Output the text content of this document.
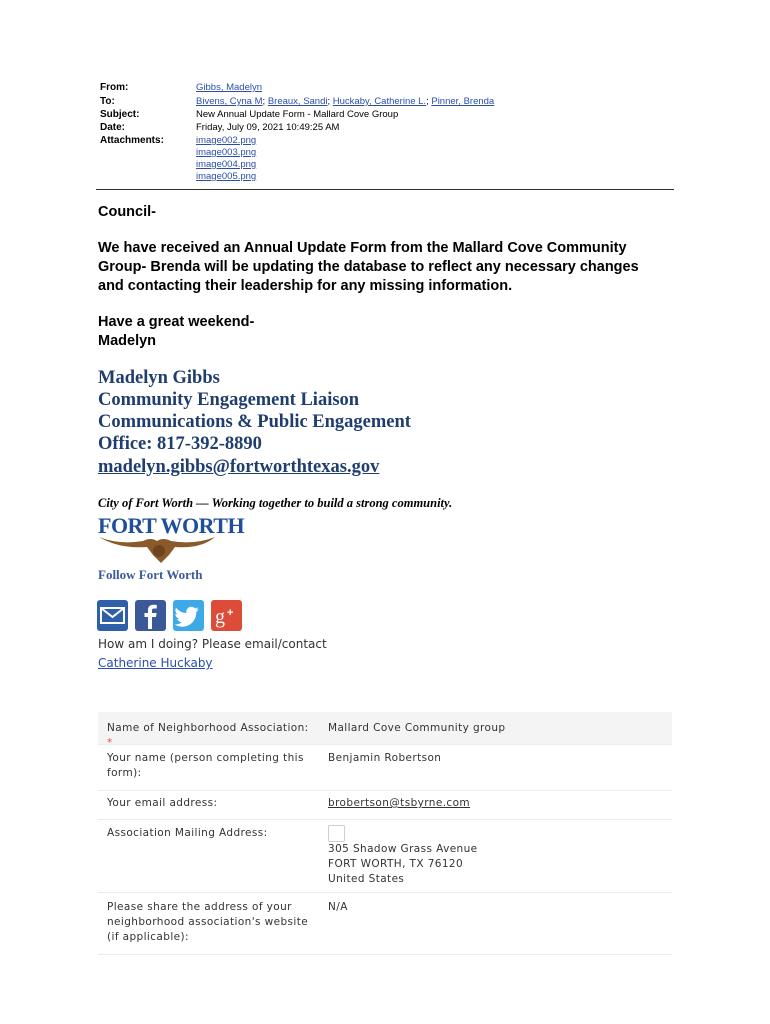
From:
To:
Subject:
Date:
Attachments:
Gibbs, Madelyn
Bivens, Cyna M; Breaux, Sandi; Huckaby, Catherine L.; Pinner, Brenda
New Annual Update Form - Mallard Cove Group
Friday, July 09, 2021 10:49:25 AM
image002.png
image003.png
image004.png
image005.png
Council-
We have received an Annual Update Form from the Mallard Cove Community
Group- Brenda will be updating the database to reflect any necessary changes
and contacting their leadership for any missing information.
Have a great weekend-
Madelyn
Madelyn Gibbs
Community Engagement Liaison
Communications & Public Engagement
Office: 817-392-8890
madelyn.gibbs@fortworthtexas.gov
City of Fort Worth — Working together to build a strong community.
FORT WORTH
Follow Fort Worth
g +
How am I doing? Please email/contact
Catherine Huckaby
Name of Neighborhood Association: *
Mallard Cove Community group
Your name (person completing this form):
Benjamin Robertson
Your email address:	brobertson@tsbyrne.com
Association Mailing Address:
305 Shadow Grass Avenue
FORT WORTH, TX 76120
United States
Please share the address of your neighborhood association's website (if applicable):
N/A
